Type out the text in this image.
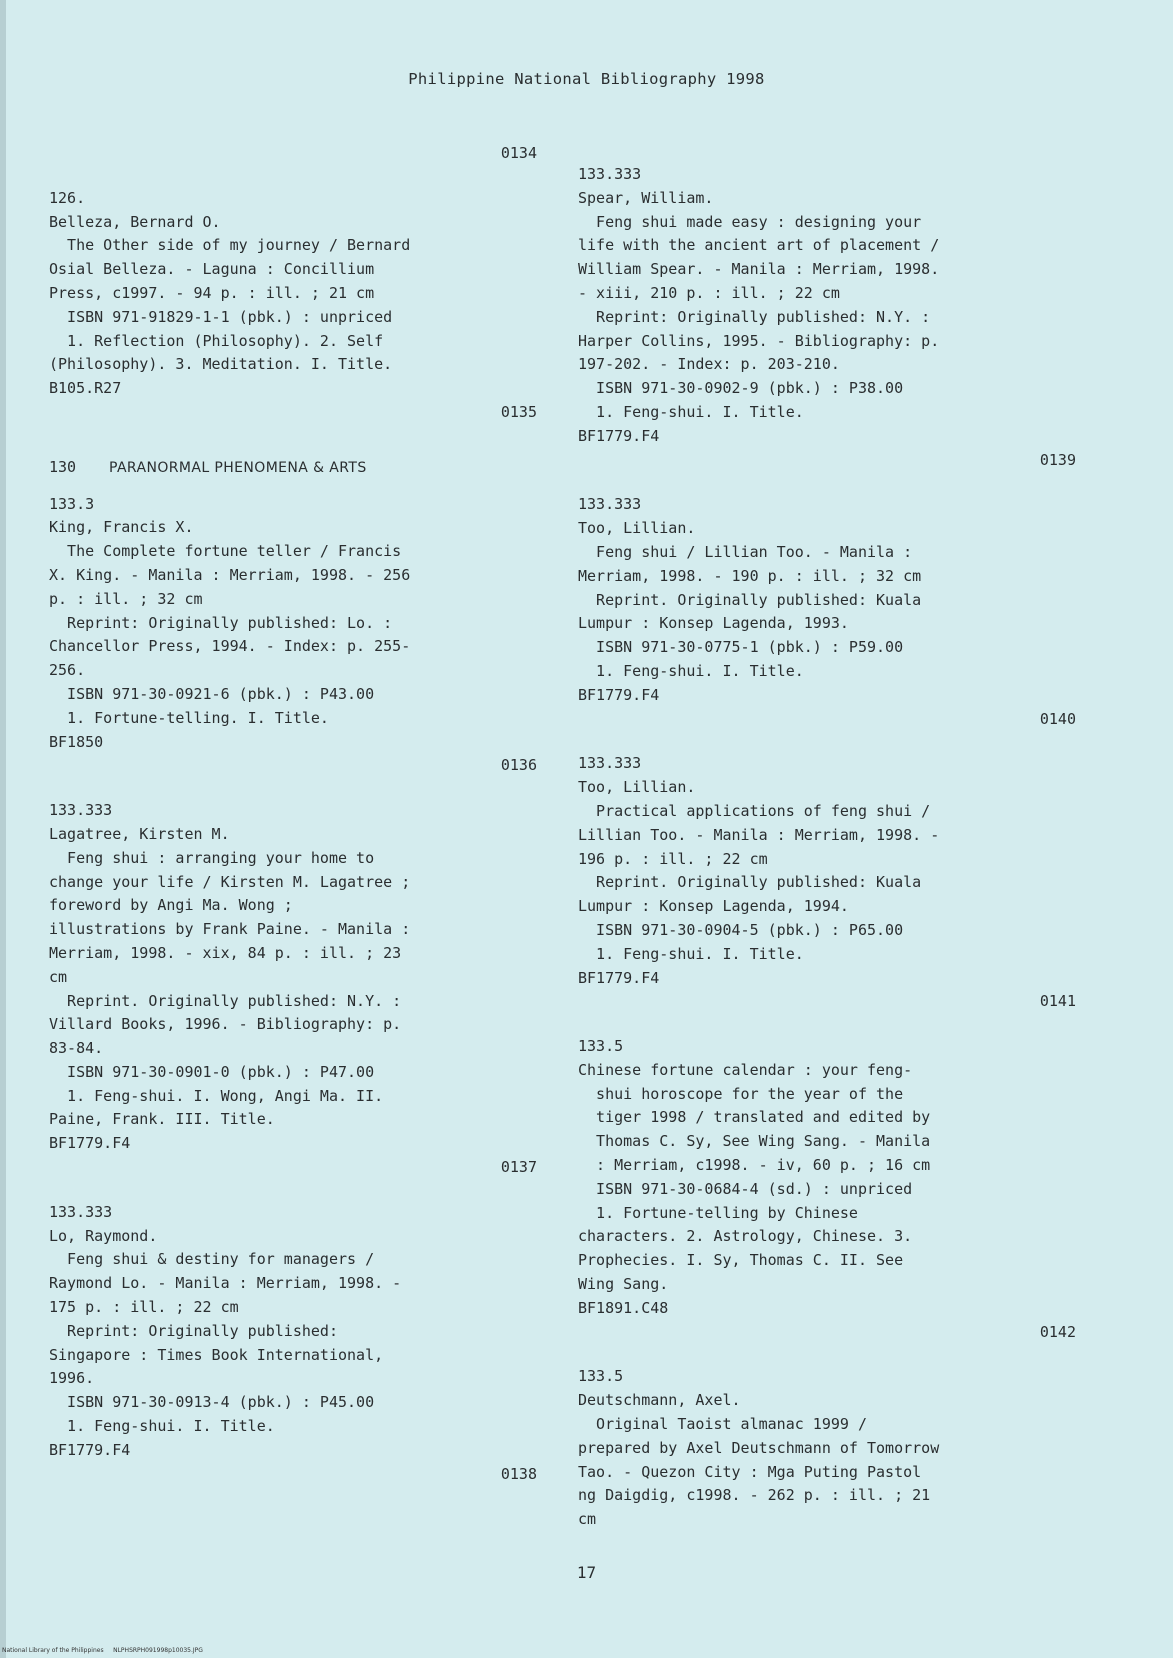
Philippine National Bibliography 1998
0134
126.
Belleza, Bernard O.
The Other side of my journey / Bernard
Osial Belleza. - Laguna : Concillium
Press, c1997. - 94 p. : ill. ; 21 cm
ISBN 971-91829-1-1 (pbk.) : unpriced
1. Reflection (Philosophy). 2. Self
(Philosophy). 3. Meditation. I. Title.
B105.R27
0135
130 PARANORMAL PHENOMENA & ARTS
133.3
King, Francis X.
The Complete fortune teller / Francis
X. King. - Manila : Merriam, 1998. - 256
p. : ill. ; 32 cm
Reprint: Originally published: Lo. :
Chancellor Press, 1994. - Index: p. 255-
256.
ISBN 971-30-0921-6 (pbk.) : P43.00
1. Fortune-telling. I. Title.
BF1850
0136
133.333
Lagatree, Kirsten M.
Feng shui : arranging your home to
change your life / Kirsten M. Lagatree ;
foreword by Angi Ma. Wong ;
illustrations by Frank Paine. - Manila :
Merriam, 1998. - xix, 84 p. : ill. ; 23
cm
Reprint. Originally published: N.Y. :
Villard Books, 1996. - Bibliography: p.
83-84.
ISBN 971-30-0901-0 (pbk.) : P47.00
1. Feng-shui. I. Wong, Angi Ma. II.
Paine, Frank. III. Title.
BF1779.F4
0137
133.333
Lo, Raymond.
Feng shui & destiny for managers /
Raymond Lo. - Manila : Merriam, 1998. -
175 p. : ill. ; 22 cm
Reprint: Originally published:
Singapore : Times Book International,
1996.
ISBN 971-30-0913-4 (pbk.) : P45.00
1. Feng-shui. I. Title.
BF1779.F4
0138
133.333
Spear, William.
Feng shui made easy : designing your
life with the ancient art of placement /
William Spear. - Manila : Merriam, 1998.
- xiii, 210 p. : ill. ; 22 cm
Reprint: Originally published: N.Y. :
Harper Collins, 1995. - Bibliography: p.
197-202. - Index: p. 203-210.
ISBN 971-30-0902-9 (pbk.) : P38.00
1. Feng-shui. I. Title.
BF1779.F4
0139
133.333
Too, Lillian.
Feng shui / Lillian Too. - Manila :
Merriam, 1998. - 190 p. : ill. ; 32 cm
Reprint. Originally published: Kuala
Lumpur : Konsep Lagenda, 1993.
ISBN 971-30-0775-1 (pbk.) : P59.00
1. Feng-shui. I. Title.
BF1779.F4
0140
133.333
Too, Lillian.
Practical applications of feng shui /
Lillian Too. - Manila : Merriam, 1998. -
196 p. : ill. ; 22 cm
Reprint. Originally published: Kuala
Lumpur : Konsep Lagenda, 1994.
ISBN 971-30-0904-5 (pbk.) : P65.00
1. Feng-shui. I. Title.
BF1779.F4
0141
133.5
Chinese fortune calendar : your feng-
shui horoscope for the year of the
tiger 1998 / translated and edited by
Thomas C. Sy, See Wing Sang. - Manila
: Merriam, c1998. - iv, 60 p. ; 16 cm
ISBN 971-30-0684-4 (sd.) : unpriced
1. Fortune-telling by Chinese
characters. 2. Astrology, Chinese. 3.
Prophecies. I. Sy, Thomas C. II. See
Wing Sang.
BF1891.C48
0142
133.5
Deutschmann, Axel.
Original Taoist almanac 1999 /
prepared by Axel Deutschmann of Tomorrow
Tao. - Quezon City : Mga Puting Pastol
ng Daigdig, c1998. - 262 p. : ill. ; 21
cm
17
National Library of the Philippines     NLPHSRPH091998p10035.JPG
